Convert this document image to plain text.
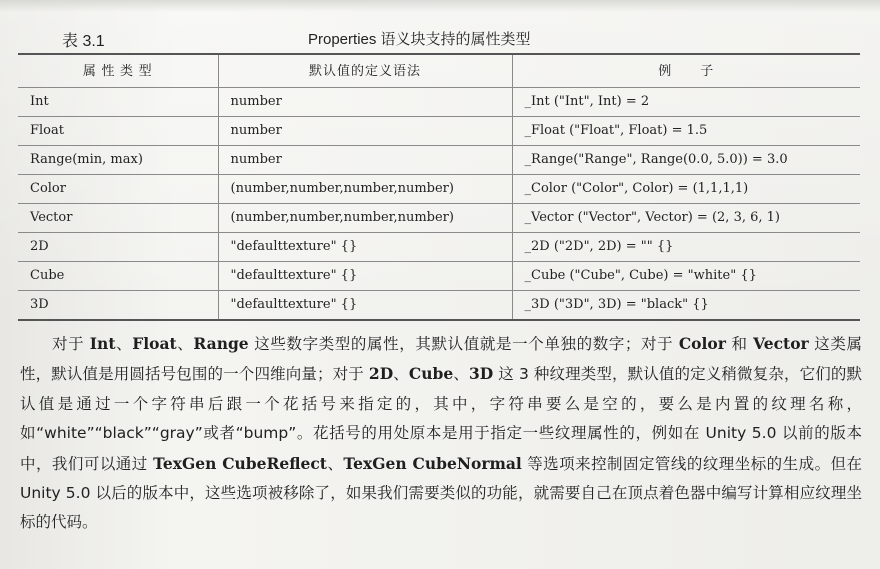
表 3.1	Properties 语义块支持的属性类型
属 性 类 型	默认值的定义语法	例　　子
Int	number	_Int ("Int", Int) = 2
Float	number	_Float ("Float", Float) = 1.5
Range(min, max)	number	_Range("Range", Range(0.0, 5.0)) = 3.0
Color	(number,number,number,number)	_Color ("Color", Color) = (1,1,1,1)
Vector	(number,number,number,number)	_Vector ("Vector", Vector) = (2, 3, 6, 1)
2D	"defaulttexture" {}	_2D ("2D", 2D) = "" {}
Cube	"defaulttexture" {}	_Cube ("Cube", Cube) = "white" {}
3D	"defaulttexture" {}	_3D ("3D", 3D) = "black" {}

对于 Int、Float、Range 这些数字类型的属性，其默认值就是一个单独的数字；对于 Color 和 Vector 这类属性，默认值是用圆括号包围的一个四维向量；对于 2D、Cube、3D 这 3 种纹理类型，默认值的定义稍微复杂，它们的默认值是通过一个字符串后跟一个花括号来指定的，其中，字符串要么是空的，要么是内置的纹理名称，如“white”“black”“gray”或者“bump”。花括号的用处原本是用于指定一些纹理属性的，例如在 Unity 5.0 以前的版本中，我们可以通过 TexGen CubeReflect、TexGen CubeNormal 等选项来控制固定管线的纹理坐标的生成。但在 Unity 5.0 以后的版本中，这些选项被移除了，如果我们需要类似的功能，就需要自己在顶点着色器中编写计算相应纹理坐标的代码。
